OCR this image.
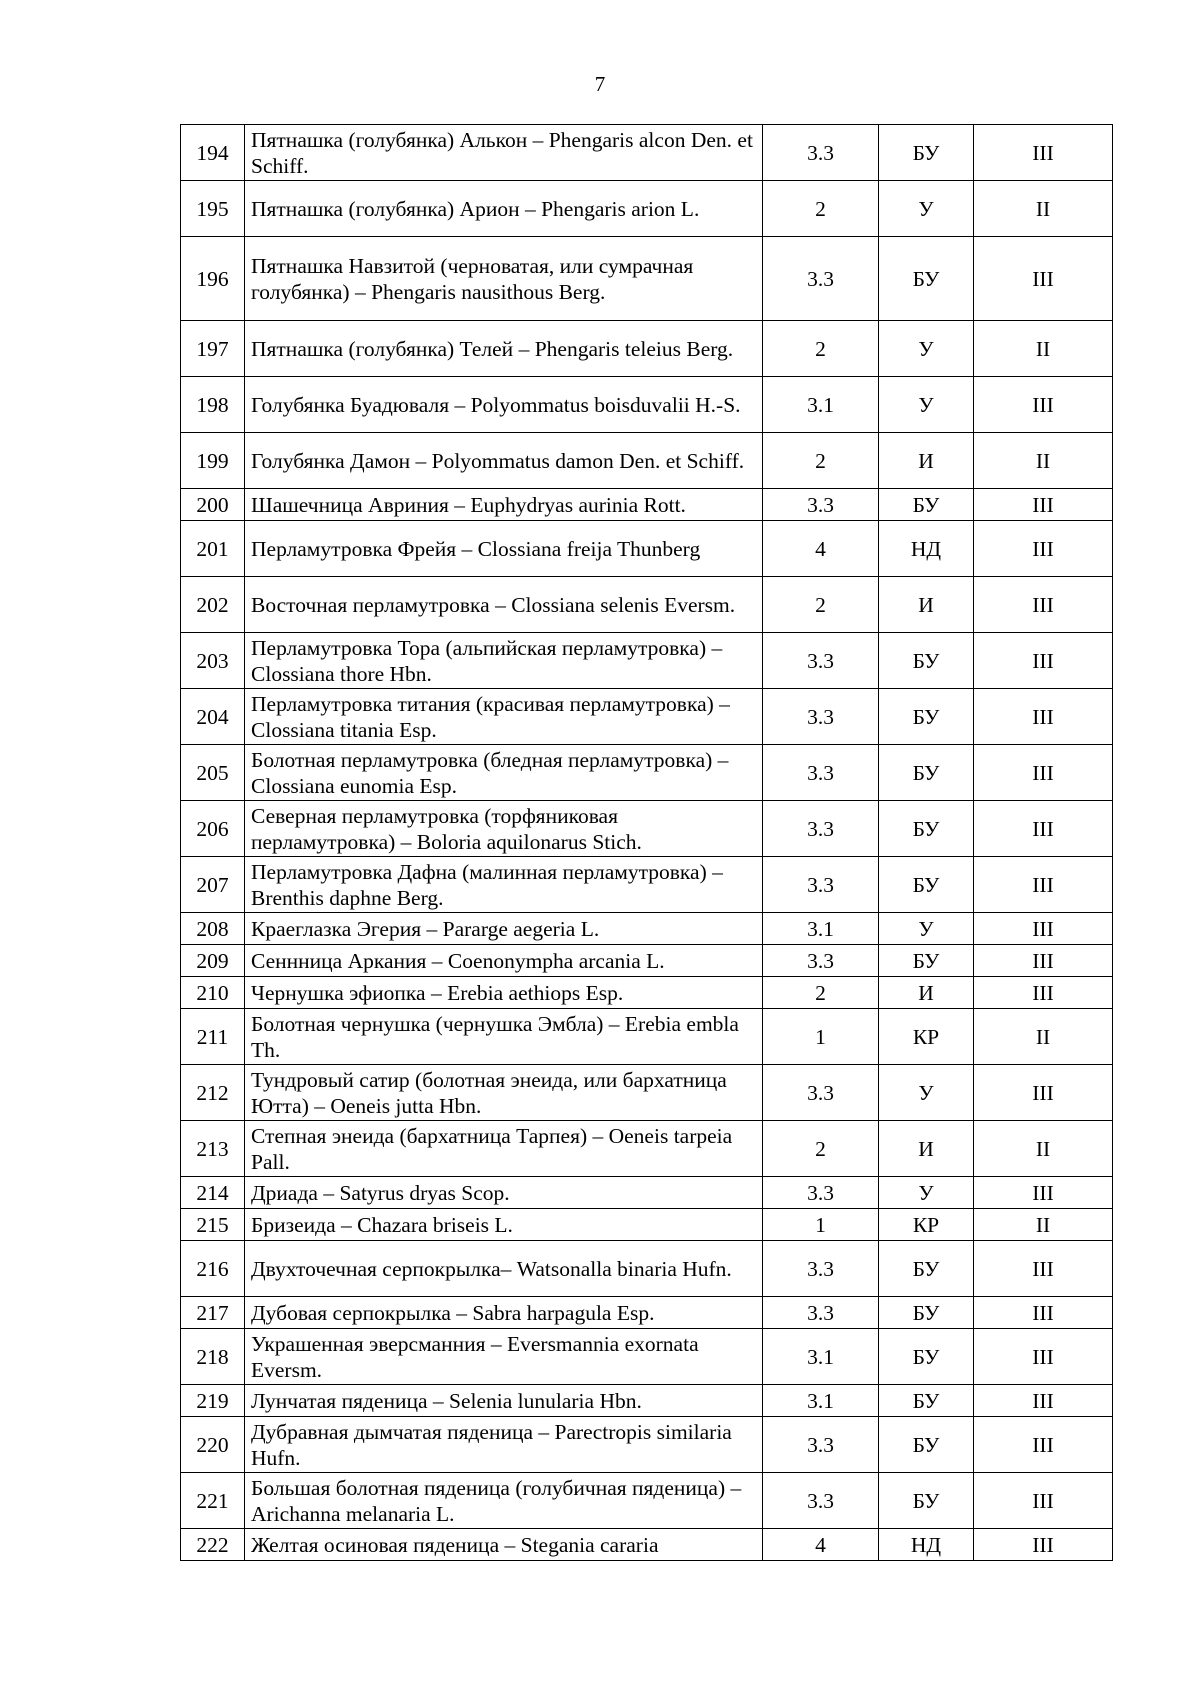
7
194	Пятнашка (голубянка) Алькон – Phengaris alcon Den. et Schiff.	3.3	БУ	III
195	Пятнашка (голубянка) Арион – Phengaris arion L.	2	У	II
196	Пятнашка Навзитой (черноватая, или сумрачная голубянка) – Phengaris nausithous Berg.	3.3	БУ	III
197	Пятнашка (голубянка) Телей – Phengaris teleius Berg.	2	У	II
198	Голубянка Буадюваля – Polyommatus boisduvalii H.-S.	3.1	У	III
199	Голубянка Дамон – Polyommatus damon Den. et Schiff.	2	И	II
200	Шашечница Авриния – Euphydryas aurinia Rott.	3.3	БУ	III
201	Перламутровка Фрейя – Clossiana freija Thunberg	4	НД	III
202	Восточная перламутровка – Clossiana selenis Eversm.	2	И	III
203	Перламутровка Тора (альпийская перламутровка) – Clossiana thore Hbn.	3.3	БУ	III
204	Перламутровка титания (красивая перламутровка) – Clossiana titania Esp.	3.3	БУ	III
205	Болотная перламутровка (бледная перламутровка) – Clossiana eunomia Esp.	3.3	БУ	III
206	Северная перламутровка (торфяниковая перламутровка) – Boloria aquilonarus Stich.	3.3	БУ	III
207	Перламутровка Дафна (малинная перламутровка) – Brenthis daphne Berg.	3.3	БУ	III
208	Краеглазка Эгерия – Pararge aegeria L.	3.1	У	III
209	Сеннница Аркания – Coenonympha arcania L.	3.3	БУ	III
210	Чернушка эфиопка – Erebia aethiops Esp.	2	И	III
211	Болотная чернушка (чернушка Эмбла) – Erebia embla Th.	1	КР	II
212	Тундровый сатир (болотная энеида, или бархатница Ютта) – Oeneis jutta Hbn.	3.3	У	III
213	Степная энеида (бархатница Тарпея) – Oeneis tarpeia Pall.	2	И	II
214	Дриада – Satyrus dryas Scop.	3.3	У	III
215	Бризеида – Chazara briseis L.	1	КР	II
216	Двухточечная серпокрылка– Watsonalla binaria Hufn.	3.3	БУ	III
217	Дубовая серпокрылка – Sabra harpagula Esp.	3.3	БУ	III
218	Украшенная эверсманния – Eversmannia exornata Eversm.	3.1	БУ	III
219	Лунчатая пяденица – Selenia lunularia Hbn.	3.1	БУ	III
220	Дубравная дымчатая пяденица – Parectropis similaria Hufn.	3.3	БУ	III
221	Большая болотная пяденица (голубичная пяденица) – Arichanna melanaria L.	3.3	БУ	III
222	Желтая осиновая пяденица – Stegania cararia	4	НД	III
